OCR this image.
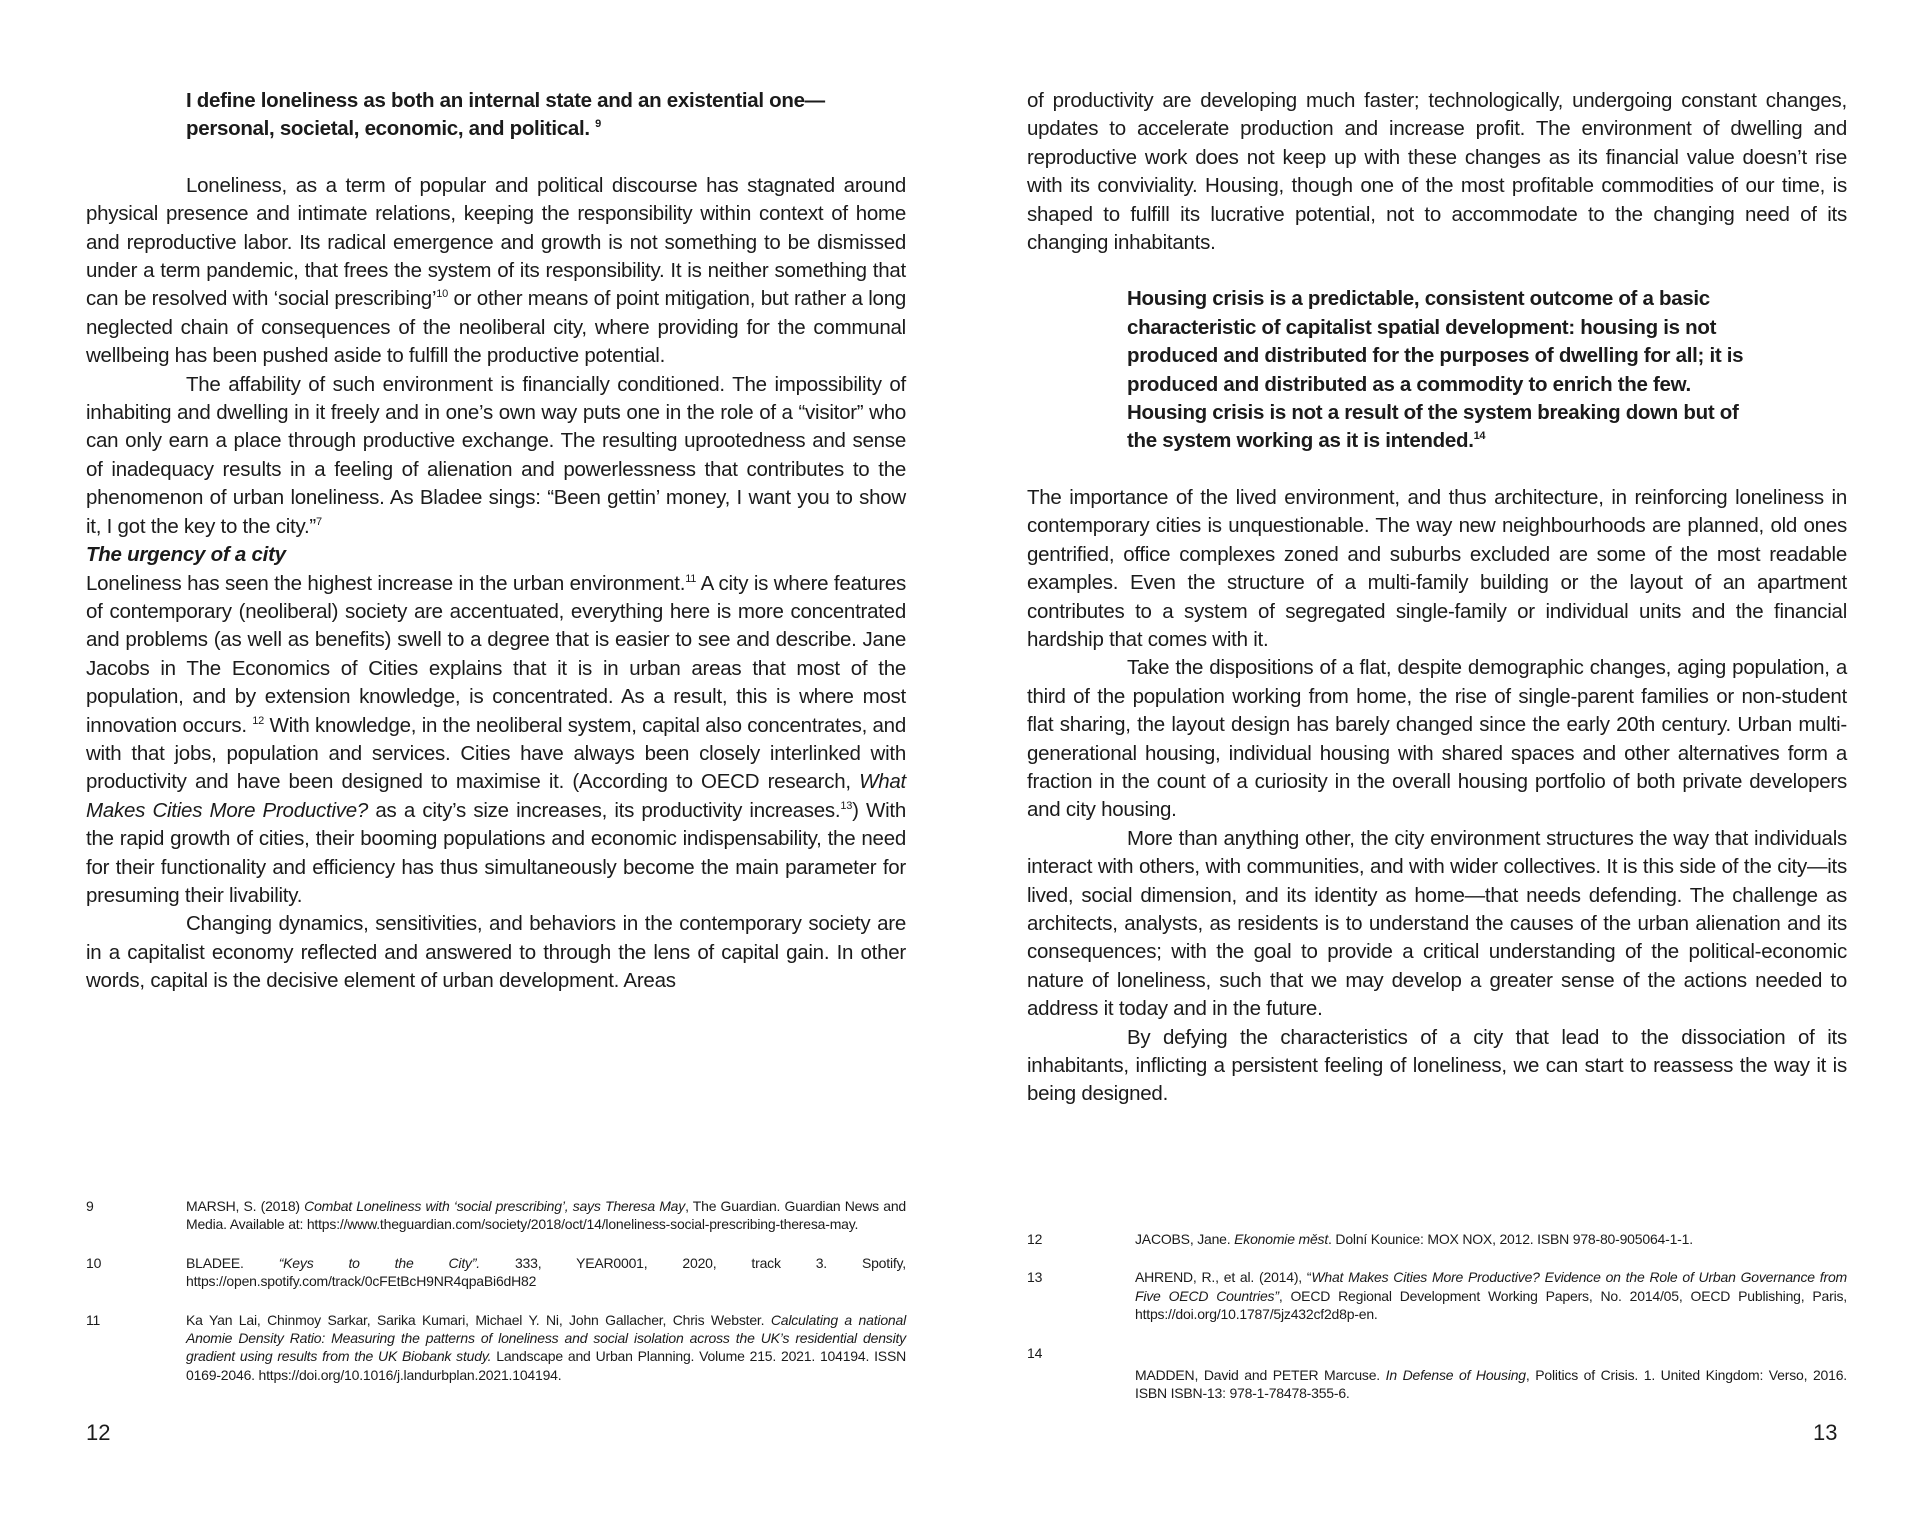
I define loneliness as both an internal state and an existential one—personal, societal, economic, and political. $^9$

Loneliness, as a term of popular and political discourse has stagnated around physical presence and intimate relations, keeping the responsibility within context of home and reproductive labor. Its radical emergence and growth is not something to be dismissed under a term pandemic, that frees the system of its responsibility. It is neither something that can be resolved with ‘social prescribing’$^{10}$ or other means of point mitigation, but rather a long neglected chain of consequences of the neoliberal city, where providing for the communal wellbeing has been pushed aside to fulfill the productive potential.

The affability of such environment is financially conditioned. The impossibility of inhabiting and dwelling in it freely and in one’s own way puts one in the role of a “visitor” who can only earn a place through productive exchange. The resulting uprootedness and sense of inadequacy results in a feeling of alienation and powerlessness that contributes to the phenomenon of urban loneliness. As Bladee sings: “Been gettin’ money, I want you to show it, I got the key to the city.”$^7$

The urgency of a city

Loneliness has seen the highest increase in the urban environment.$^{11}$ A city is where features of contemporary (neoliberal) society are accentuated, everything here is more concentrated and problems (as well as benefits) swell to a degree that is easier to see and describe. Jane Jacobs in The Economics of Cities explains that it is in urban areas that most of the population, and by extension knowledge, is concentrated. As a result, this is where most innovation occurs. $^{12}$ With knowledge, in the neoliberal system, capital also concentrates, and with that jobs, population and services. Cities have always been closely interlinked with productivity and have been designed to maximise it. (According to OECD research, What Makes Cities More Productive? as a city’s size increases, its productivity increases.$^{13}$) With the rapid growth of cities, their booming populations and economic indispensability, the need for their functionality and efficiency has thus simultaneously become the main parameter for presuming their livability.

Changing dynamics, sensitivities, and behaviors in the contemporary society are in a capitalist economy reflected and answered to through the lens of capital gain. In other words, capital is the decisive element of urban development. Areas

9	MARSH, S. (2018) Combat Loneliness with ‘social prescribing’, says Theresa May, The Guardian. Guardian News and Media. Available at: https://www.theguardian.com/society/2018/oct/14/loneliness-social-prescribing-theresa-may.
10	BLADEE. “Keys to the City”. 333, YEAR0001, 2020, track 3. Spotify, https://open.spotify.com/track/0cFEtBcH9NR4qpaBi6dH82
11	Ka Yan Lai, Chinmoy Sarkar, Sarika Kumari, Michael Y. Ni, John Gallacher, Chris Webster. Calculating a national Anomie Density Ratio: Measuring the patterns of loneliness and social isolation across the UK’s residential density gradient using results from the UK Biobank study. Landscape and Urban Planning. Volume 215. 2021. 104194. ISSN 0169-2046. https://doi.org/10.1016/j.landurbplan.2021.104194.
12

of productivity are developing much faster; technologically, undergoing constant changes, updates to accelerate production and increase profit. The environment of dwelling and reproductive work does not keep up with these changes as its financial value doesn’t rise with its conviviality. Housing, though one of the most profitable commodities of our time, is shaped to fulfill its lucrative potential, not to accommodate to the changing need of its changing inhabitants.

Housing crisis is a predictable, consistent outcome of a basic characteristic of capitalist spatial development: housing is not produced and distributed for the purposes of dwelling for all; it is produced and distributed as a commodity to enrich the few. Housing crisis is not a result of the system breaking down but of the system working as it is intended.$^{14}$

The importance of the lived environment, and thus architecture, in reinforcing loneliness in contemporary cities is unquestionable. The way new neighbourhoods are planned, old ones gentrified, office complexes zoned and suburbs excluded are some of the most readable examples. Even the structure of a multi-family building or the layout of an apartment contributes to a system of segregated single-family or individual units and the financial hardship that comes with it.

Take the dispositions of a flat, despite demographic changes, aging population, a third of the population working from home, the rise of single-parent families or non-student flat sharing, the layout design has barely changed since the early 20th century. Urban multi-generational housing, individual housing with shared spaces and other alternatives form a fraction in the count of a curiosity in the overall housing portfolio of both private developers and city housing.

More than anything other, the city environment structures the way that individuals interact with others, with communities, and with wider collectives. It is this side of the city—its lived, social dimension, and its identity as home—that needs defending. The challenge as architects, analysts, as residents is to understand the causes of the urban alienation and its consequences; with the goal to provide a critical understanding of the political-economic nature of loneliness, such that we may develop a greater sense of the actions needed to address it today and in the future.

By defying the characteristics of a city that lead to the dissociation of its inhabitants, inflicting a persistent feeling of loneliness, we can start to reassess the way it is being designed.

12	JACOBS, Jane. Ekonomie měst. Dolní Kounice: MOX NOX, 2012. ISBN 978-80-905064-1-1.
13	AHREND, R., et al. (2014), “What Makes Cities More Productive? Evidence on the Role of Urban Governance from Five OECD Countries”, OECD Regional Development Working Papers, No. 2014/05, OECD Publishing, Paris, https://doi.org/10.1787/5jz432cf2d8p-en.
14
MADDEN, David and PETER Marcuse. In Defense of Housing, Politics of Crisis. 1. United Kingdom: Verso, 2016. ISBN ISBN-13: 978-1-78478-355-6.
13
